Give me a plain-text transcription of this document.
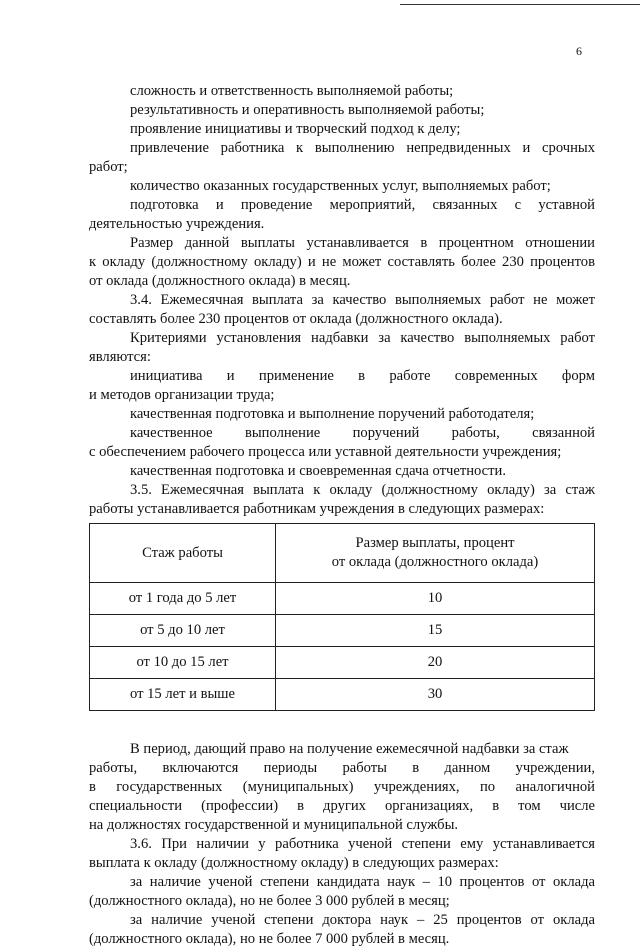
6

сложность и ответственность выполняемой работы;

результативность и оперативность выполняемой работы;

проявление инициативы и творческий подход к делу;

привлечение работника к выполнению непредвиденных и срочных

работ;

количество оказанных государственных услуг, выполняемых работ;

подготовка и проведение мероприятий, связанных с уставной

деятельностью учреждения.

Размер данной выплаты устанавливается в процентном отношении

к окладу (должностному окладу) и не может составлять более 230 процентов

от оклада (должностного оклада) в месяц.

3.4. Ежемесячная выплата за качество выполняемых работ не может

составлять более 230 процентов от оклада (должностного оклада).

Критериями установления надбавки за качество выполняемых работ

являются:

инициатива и применение в работе современных форм

и методов организации труда;

качественная подготовка и выполнение поручений работодателя;

качественное выполнение поручений работы, связанной

с обеспечением рабочего процесса или уставной деятельности учреждения;

качественная подготовка и своевременная сдача отчетности.

3.5. Ежемесячная выплата к окладу (должностному окладу) за стаж

работы устанавливается работникам учреждения в следующих размерах:

Стаж работы	Размер выплаты, процент
от оклада (должностного оклада)

от 1 года до 5 лет	10
от 5 до 10 лет	15
от 10 до 15 лет	20
от 15 лет и выше	30

В период, дающий право на получение ежемесячной надбавки за стаж

работы, включаются периоды работы в данном учреждении,

в государственных (муниципальных) учреждениях, по аналогичной

специальности (профессии) в других организациях, в том числе

на должностях государственной и муниципальной службы.

3.6. При наличии у работника ученой степени ему устанавливается

выплата к окладу (должностному окладу) в следующих размерах:

за наличие ученой степени кандидата наук – 10 процентов от оклада

(должностного оклада), но не более 3 000 рублей в месяц;

за наличие ученой степени доктора наук – 25 процентов от оклада

(должностного оклада), но не более 7 000 рублей в месяц.
